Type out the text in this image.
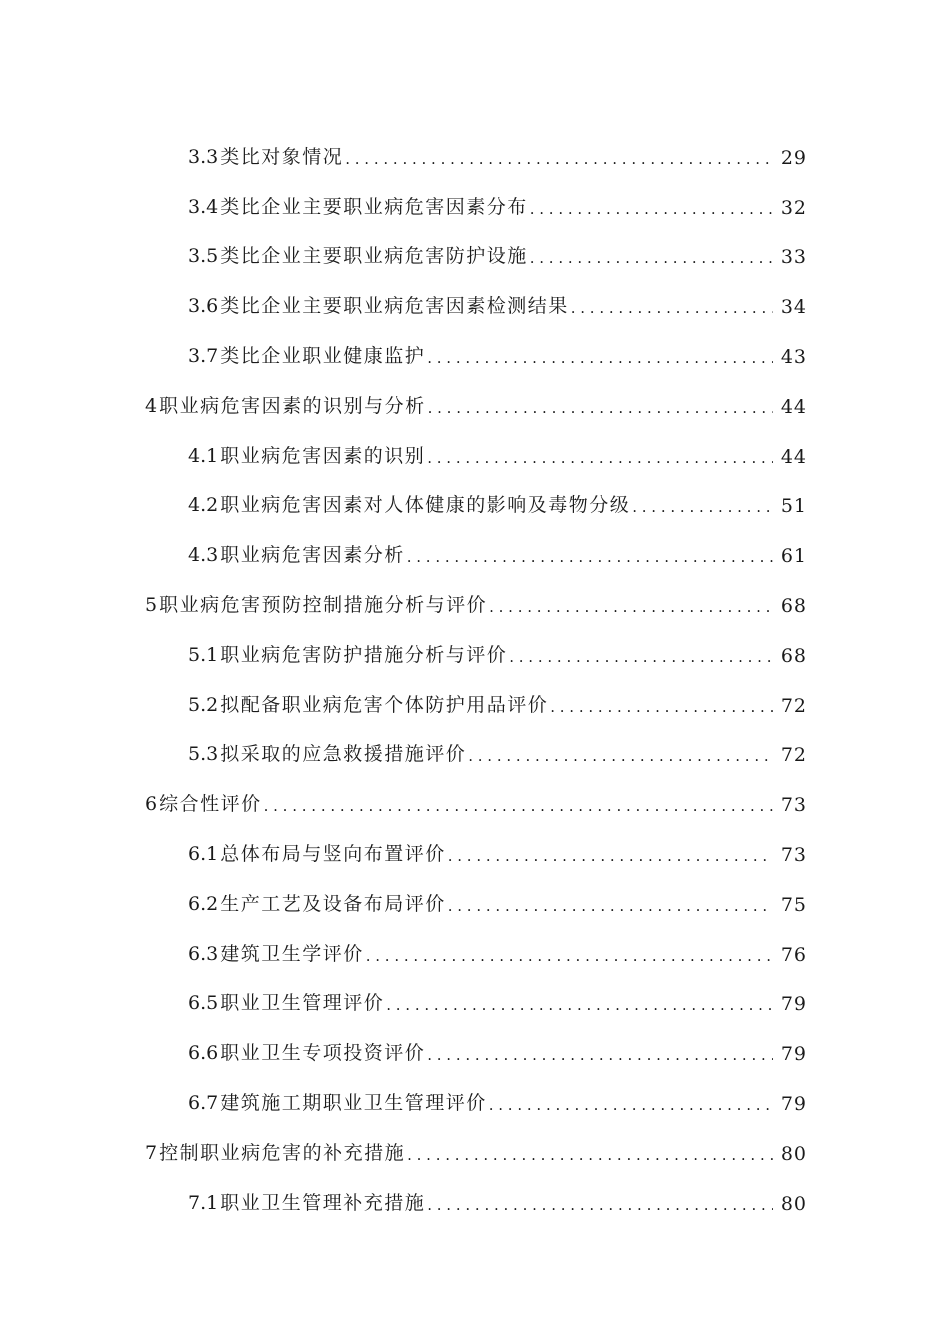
3.3 类比对象情况 . . .	29
3.4 类比企业主要职业病危害因素分布 . . .	32
3.5 类比企业主要职业病危害防护设施 . . .	33
3.6 类比企业主要职业病危害因素检测结果 . . .	34
3.7 类比企业职业健康监护 . . .	43
4 职业病危害因素的识别与分析 . . .	44
4.1 职业病危害因素的识别 . . .	44
4.2 职业病危害因素对人体健康的影响及毒物分级 . . .	51
4.3 职业病危害因素分析 . . .	61
5 职业病危害预防控制措施分析与评价 . . .	68
5.1 职业病危害防护措施分析与评价 . . .	68
5.2 拟配备职业病危害个体防护用品评价 . . .	72
5.3 拟采取的应急救援措施评价 . . .	72
6 综合性评价 . . .	73
6.1 总体布局与竖向布置评价 . . .	73
6.2 生产工艺及设备布局评价 . . .	75
6.3 建筑卫生学评价 . . .	76
6.5 职业卫生管理评价 . . .	79
6.6 职业卫生专项投资评价 . . .	79
6.7 建筑施工期职业卫生管理评价 . . .	79
7 控制职业病危害的补充措施 . . .	80
7.1 职业卫生管理补充措施 . . .	80
